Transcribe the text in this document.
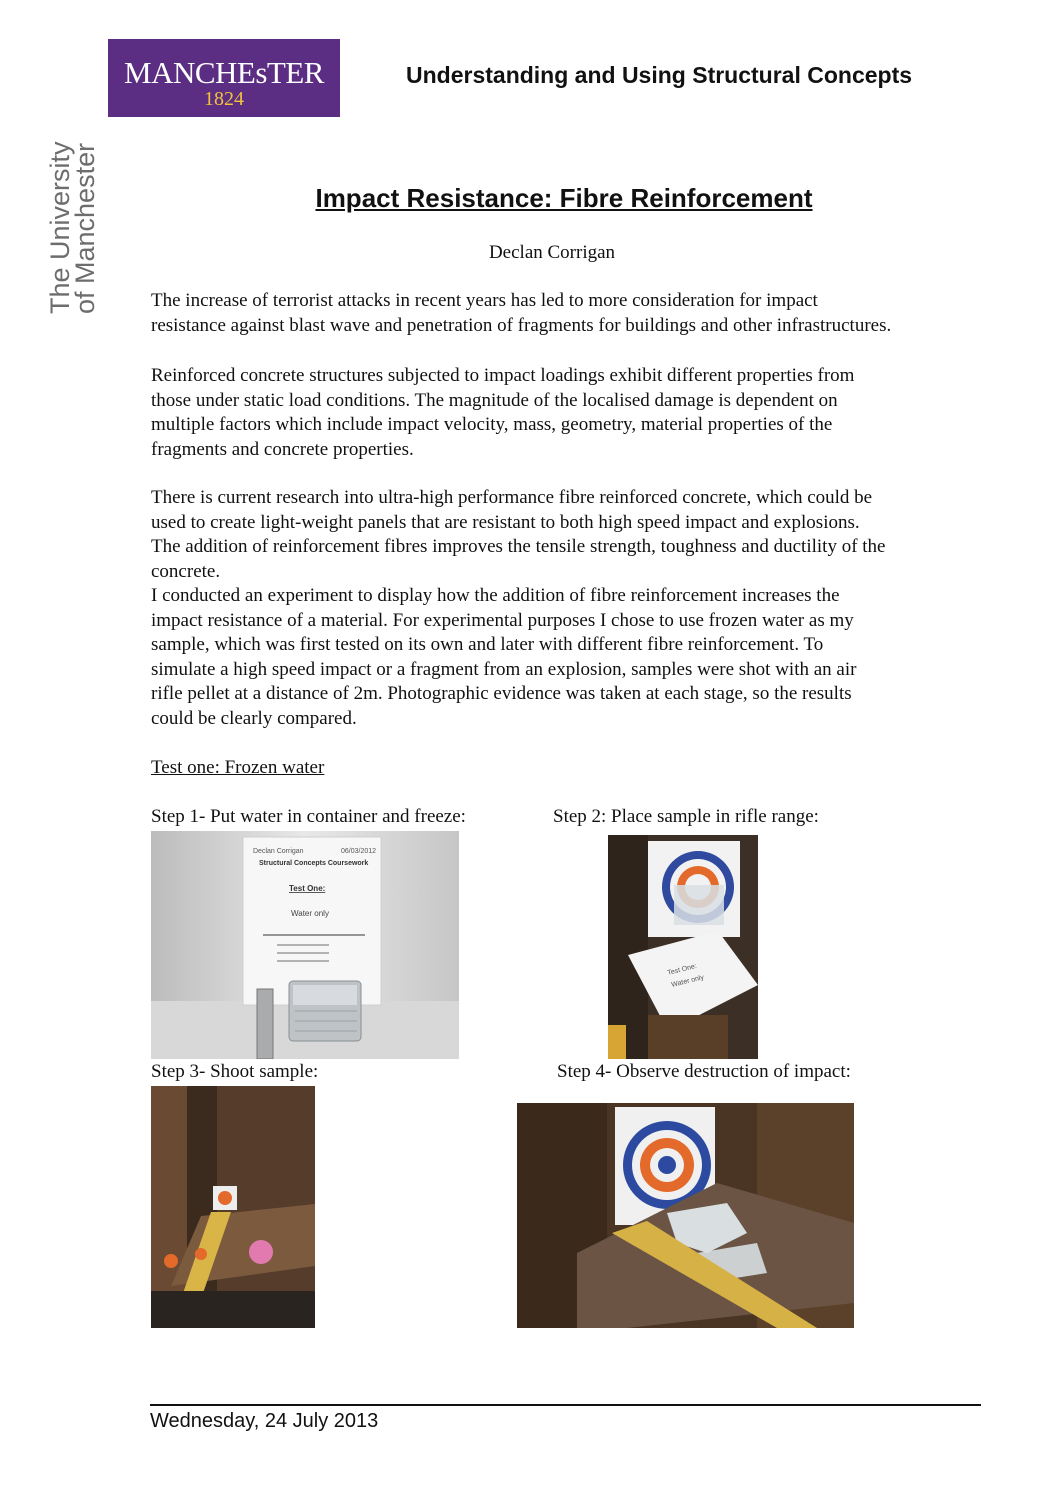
MANCHEsTER
1824
The University
of Manchester
Understanding and Using Structural Concepts
Impact Resistance: Fibre Reinforcement
Declan Corrigan

The increase of terrorist attacks in recent years has led to more consideration for impact

resistance against blast wave and penetration of fragments for buildings and other infrastructures.

Reinforced concrete structures subjected to impact loadings exhibit different properties from

those under static load conditions. The magnitude of the localised damage is dependent on

multiple factors which include impact velocity, mass, geometry, material properties of the

fragments and concrete properties.

There is current research into ultra-high performance fibre reinforced concrete, which could be

used to create light-weight panels that are resistant to both high speed impact and explosions.

The addition of reinforcement fibres improves the tensile strength, toughness and ductility of the

concrete.

I conducted an experiment to display how the addition of fibre reinforcement increases the

impact resistance of a material. For experimental purposes I chose to use frozen water as my

sample, which was first tested on its own and later with different fibre reinforcement. To

simulate a high speed impact or a fragment from an explosion, samples were shot with an air

rifle pellet at a distance of 2m. Photographic evidence was taken at each stage, so the results

could be clearly compared.

Test one: Frozen water
Step 1- Put water in container and freeze:	Step 2: Place sample in rifle range:
Step 3- Shoot sample:	Step 4- Observe destruction of impact:
Declan Corrigan	06/03/2012
Structural Concepts Coursework
Test One:
Water only
Test One:
Water only
Wednesday, 24 July 2013
